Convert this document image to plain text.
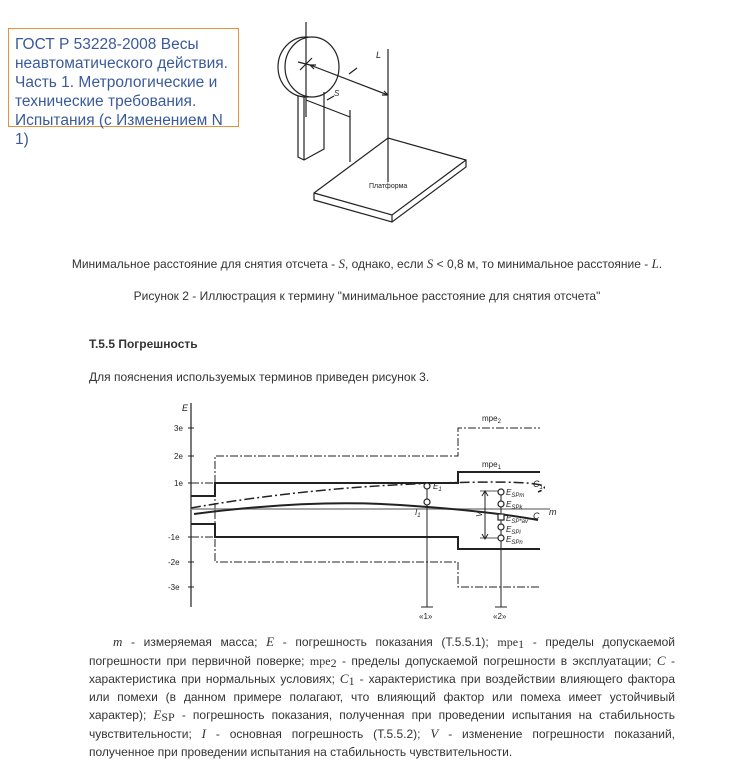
ГОСТ Р 53228-2008 Весы неавтоматического действия. Часть 1. Метрологические и технические требования. Испытания (с Изменением N 1)
L
S
Платформа
Минимальное расстояние для снятия отсчета - S, однако, если S < 0,8 м, то минимальное расстояние - L.
Рисунок 2 - Иллюстрация к термину "минимальное расстояние для снятия отсчета"
Т.5.5 Погрешность
Для пояснения используемых терминов приведен рисунок 3.
E
3e
2e
1e
-1e
-2e
-3e
mpe$_2$
mpe$_1$
$C_1$
C m
$E_1$
$I_1$	V
$E_{SPm}$
$E_{SPk}$
$E_{SP*av}$
$E_{SPi}$
$E_{SPn}$
«1»	«2»
m - измеряемая масса; E - погрешность показания (Т.5.5.1); mpe$_1$ - пределы допускаемой погрешности при первичной поверке; mpe$_2$ - пределы допускаемой погрешности в эксплуатации; C - характеристика при нормальных условиях; $C_1$ - характеристика при воздействии влияющего фактора или помехи (в данном примере полагают, что влияющий фактор или помеха имеет устойчивый характер); $E_{SP}$ - погрешность показания, полученная при проведении испытания на стабильность чувствительности; I - основная погрешность (Т.5.5.2); V - изменение погрешности показаний, полученное при проведении испытания на стабильность чувствительности.
